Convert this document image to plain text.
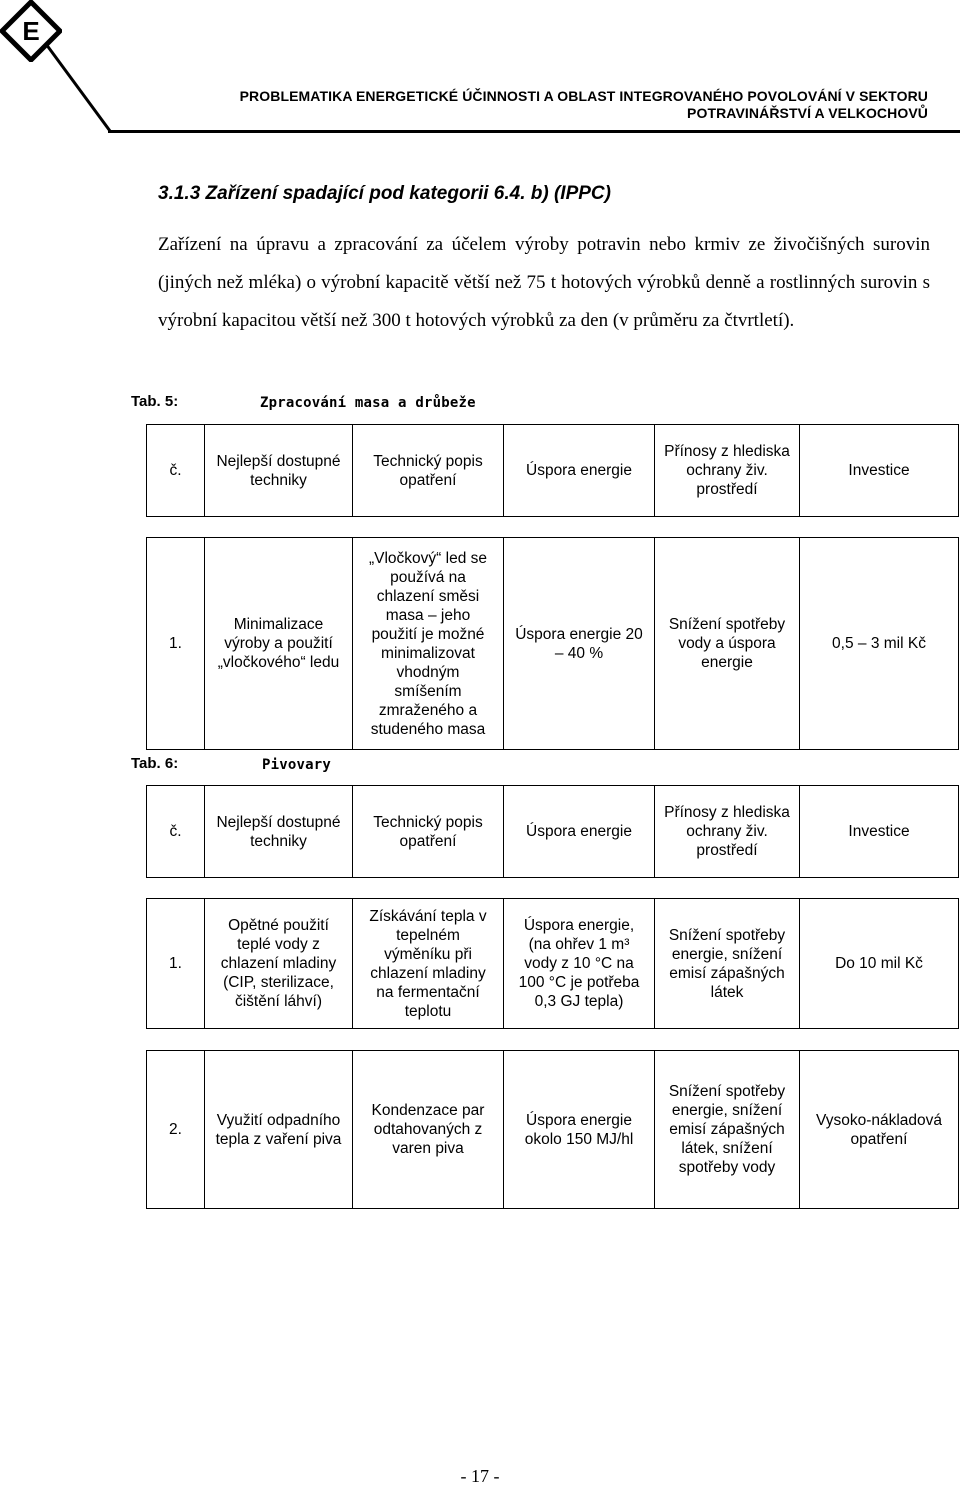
E
PROBLEMATIKA ENERGETICKÉ ÚČINNOSTI A OBLAST INTEGROVANÉHO POVOLOVÁNÍ V SEKTORU
POTRAVINÁŘSTVÍ A VELKOCHOVŮ
3.1.3 Zařízení spadající pod kategorii 6.4. b) (IPPC)
Zařízení na úpravu a zpracování za účelem výroby potravin nebo krmiv ze živočišných surovin (jiných než mléka) o výrobní kapacitě větší než 75 t hotových výrobků denně a rostlinných surovin s výrobní kapacitou větší než 300 t hotových výrobků za den (v průměru za čtvrtletí).
Tab. 5:	Zpracování masa a drůbeže
č.	Nejlepší dostupné techniky	Technický popis opatření	Úspora energie	Přínosy z hlediska ochrany živ. prostředí	Investice

1.	Minimalizace výroby a použití „vločkového“ ledu	„Vločkový“ led se používá na chlazení směsi masa – jeho použití je možné minimalizovat vhodným smíšením zmraženého a studeného masa	Úspora energie 20 – 40 %	Snížení spotřeby vody a úspora energie	0,5 – 3 mil Kč
Tab. 6:	Pivovary
č.	Nejlepší dostupné techniky	Technický popis opatření	Úspora energie	Přínosy z hlediska ochrany živ. prostředí	Investice

1.	Opětné použití teplé vody z chlazení mladiny (CIP, sterilizace, čištění láhví)	Získávání tepla v tepelném výměníku při chlazení mladiny na fermentační teplotu	Úspora energie, (na ohřev 1 m³ vody z 10 °C na 100 °C je potřeba 0,3 GJ tepla)	Snížení spotřeby energie, snížení emisí zápašných látek	Do 10 mil Kč

2.	Využití odpadního tepla z vaření piva	Kondenzace par odtahovaných z varen piva	Úspora energie okolo 150 MJ/hl	Snížení spotřeby energie, snížení emisí zápašných látek, snížení spotřeby vody	Vysoko-nákladová opatření
- 17 -
